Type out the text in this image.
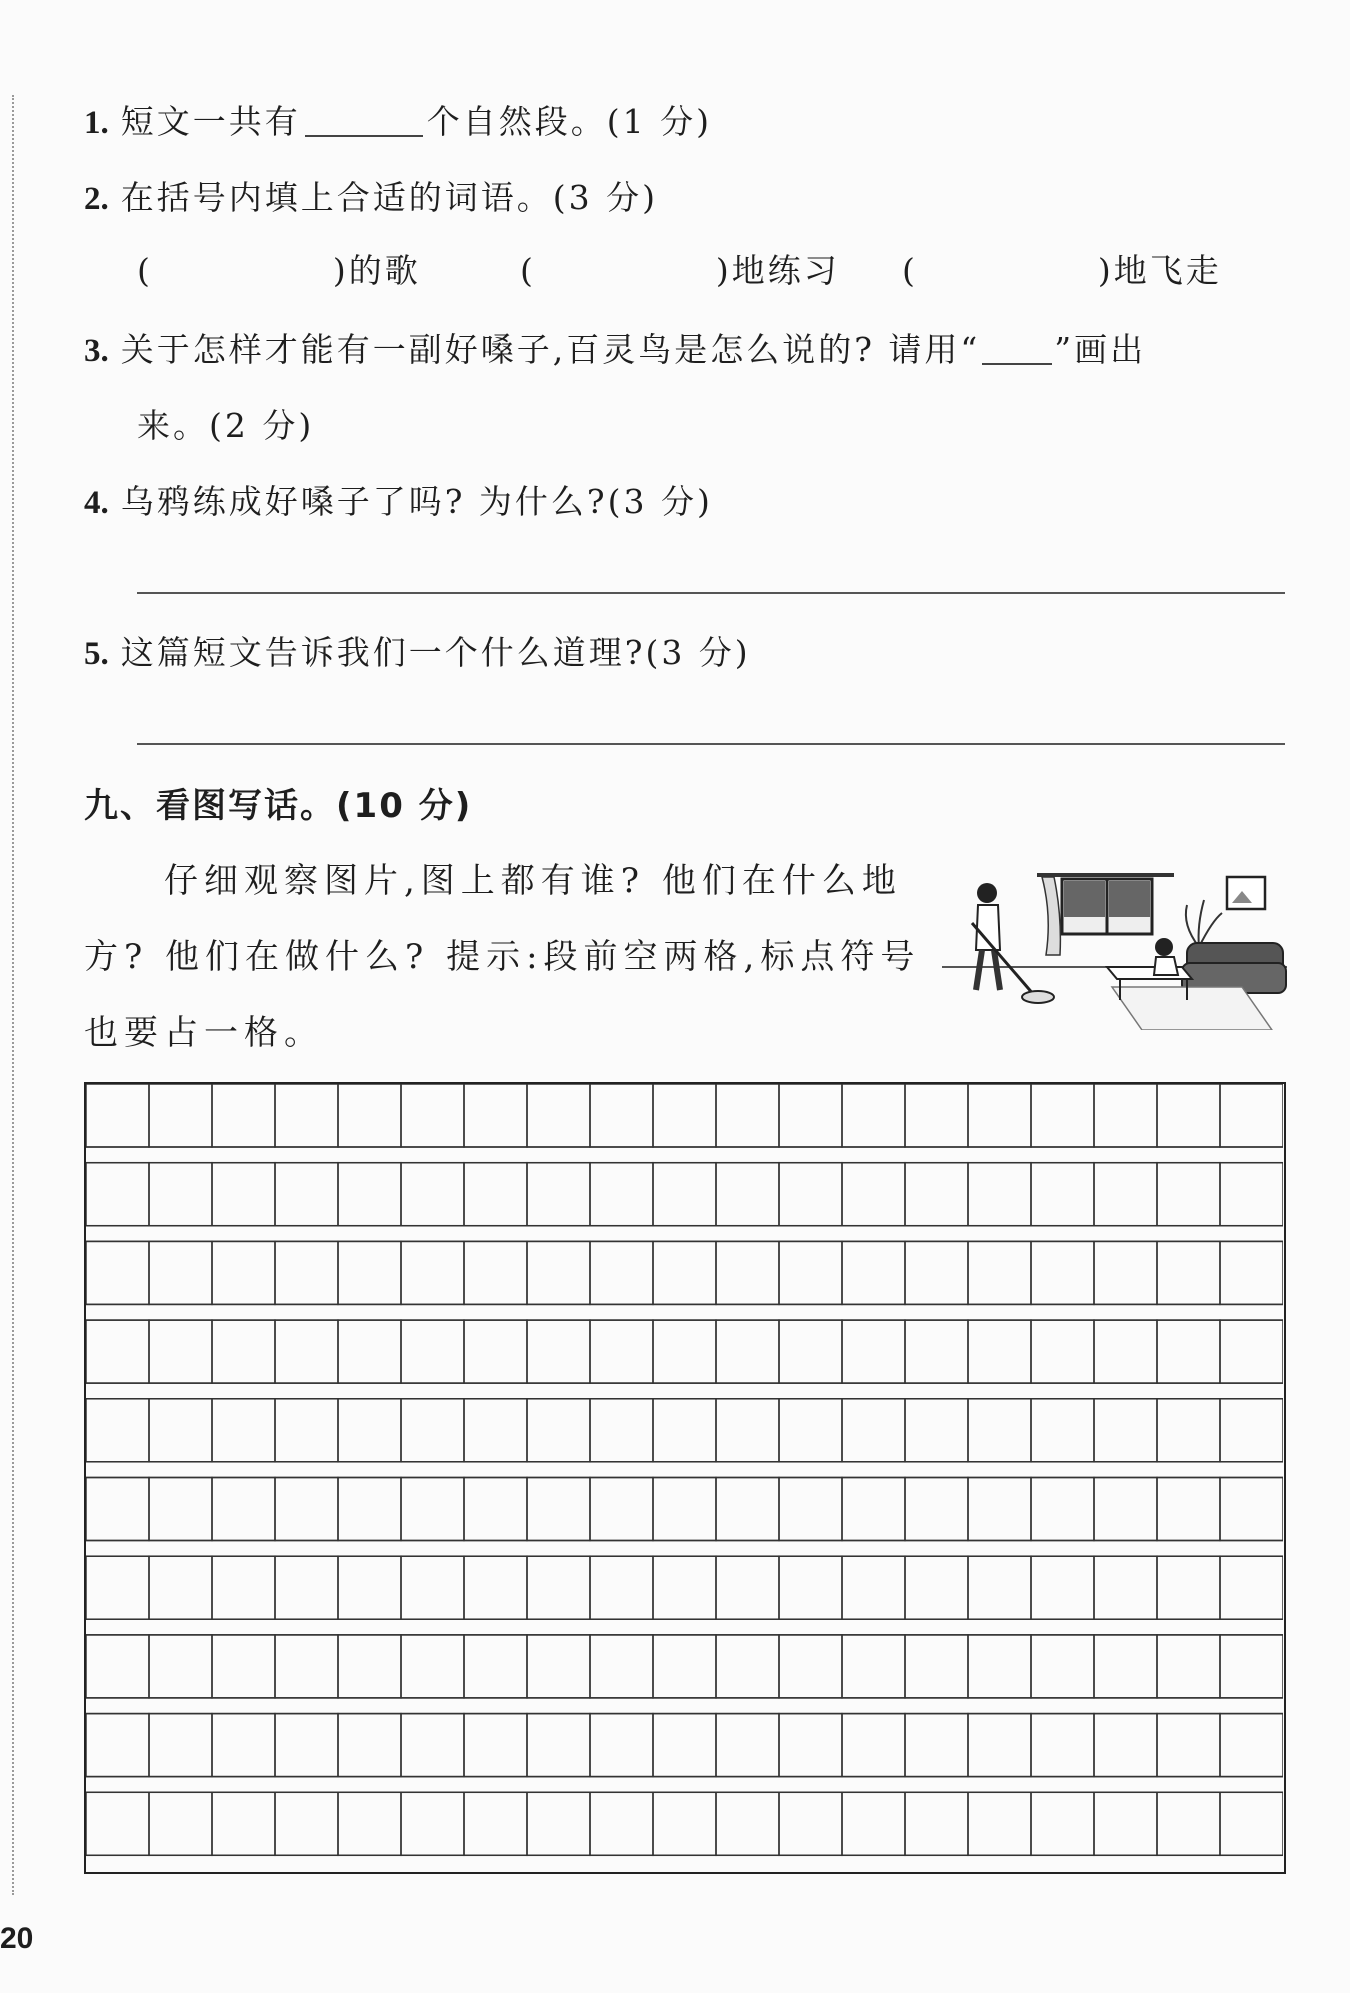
1. 短文一共有	个自然段。(1 分)
2. 在括号内填上合适的词语。(3 分)
(　　　　　)的歌	(　　　　　)地练习 (　　　　　)地飞走
3. 关于怎样才能有一副好嗓子,百灵鸟是怎么说的? 请用“ ”画出
来。(2 分)
4. 乌鸦练成好嗓子了吗? 为什么?(3 分)
5. 这篇短文告诉我们一个什么道理?(3 分)
九、看图写话。(10 分)
仔细观察图片,图上都有谁? 他们在什么地
方? 他们在做什么? 提示:段前空两格,标点符号
也要占一格。
20
